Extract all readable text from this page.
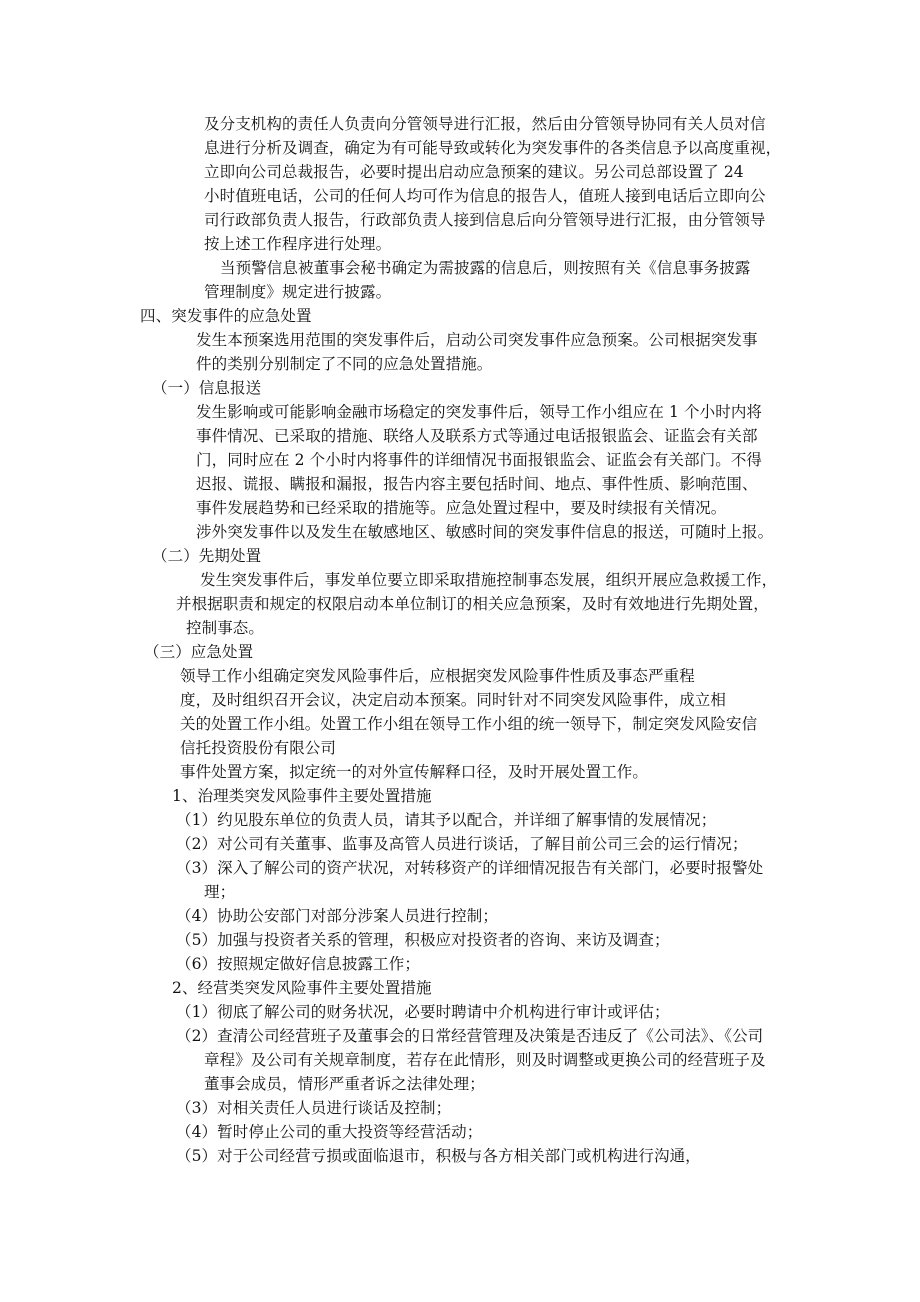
及分支机构的责任人负责向分管领导进行汇报，然后由分管领导协同有关人员对信
息进行分析及调查，确定为有可能导致或转化为突发事件的各类信息予以高度重视，
立即向公司总裁报告，必要时提出启动应急预案的建议。另公司总部设置了 24
小时值班电话，公司的任何人均可作为信息的报告人，值班人接到电话后立即向公
司行政部负责人报告，行政部负责人接到信息后向分管领导进行汇报，由分管领导
按上述工作程序进行处理。
当预警信息被董事会秘书确定为需披露的信息后，则按照有关《信息事务披露
管理制度》规定进行披露。
四、突发事件的应急处置
发生本预案选用范围的突发事件后，启动公司突发事件应急预案。公司根据突发事
件的类别分别制定了不同的应急处置措施。
（一）信息报送
发生影响或可能影响金融市场稳定的突发事件后，领导工作小组应在 1 个小时内将
事件情况、已采取的措施、联络人及联系方式等通过电话报银监会、证监会有关部
门，同时应在 2 个小时内将事件的详细情况书面报银监会、证监会有关部门。不得
迟报、谎报、瞒报和漏报，报告内容主要包括时间、地点、事件性质、影响范围、
事件发展趋势和已经采取的措施等。应急处置过程中，要及时续报有关情况。
涉外突发事件以及发生在敏感地区、敏感时间的突发事件信息的报送，可随时上报。
（二）先期处置
发生突发事件后，事发单位要立即采取措施控制事态发展，组织开展应急救援工作，
并根据职责和规定的权限启动本单位制订的相关应急预案，及时有效地进行先期处置，
控制事态。
（三）应急处置
领导工作小组确定突发风险事件后，应根据突发风险事件性质及事态严重程
度，及时组织召开会议，决定启动本预案。同时针对不同突发风险事件，成立相
关的处置工作小组。处置工作小组在领导工作小组的统一领导下，制定突发风险安信
信托投资股份有限公司
事件处置方案，拟定统一的对外宣传解释口径，及时开展处置工作。
1、治理类突发风险事件主要处置措施
（1）约见股东单位的负责人员，请其予以配合，并详细了解事情的发展情况；
（2）对公司有关董事、监事及高管人员进行谈话，了解目前公司三会的运行情况；
（3）深入了解公司的资产状况，对转移资产的详细情况报告有关部门，必要时报警处
理；
（4）协助公安部门对部分涉案人员进行控制；
（5）加强与投资者关系的管理，积极应对投资者的咨询、来访及调查；
（6）按照规定做好信息披露工作；
2、经营类突发风险事件主要处置措施
（1）彻底了解公司的财务状况，必要时聘请中介机构进行审计或评估；
（2）查清公司经营班子及董事会的日常经营管理及决策是否违反了《公司法》、《公司
章程》及公司有关规章制度，若存在此情形，则及时调整或更换公司的经营班子及
董事会成员，情形严重者诉之法律处理；
（3）对相关责任人员进行谈话及控制；
（4）暂时停止公司的重大投资等经营活动；
（5）对于公司经营亏损或面临退市，积极与各方相关部门或机构进行沟通，
